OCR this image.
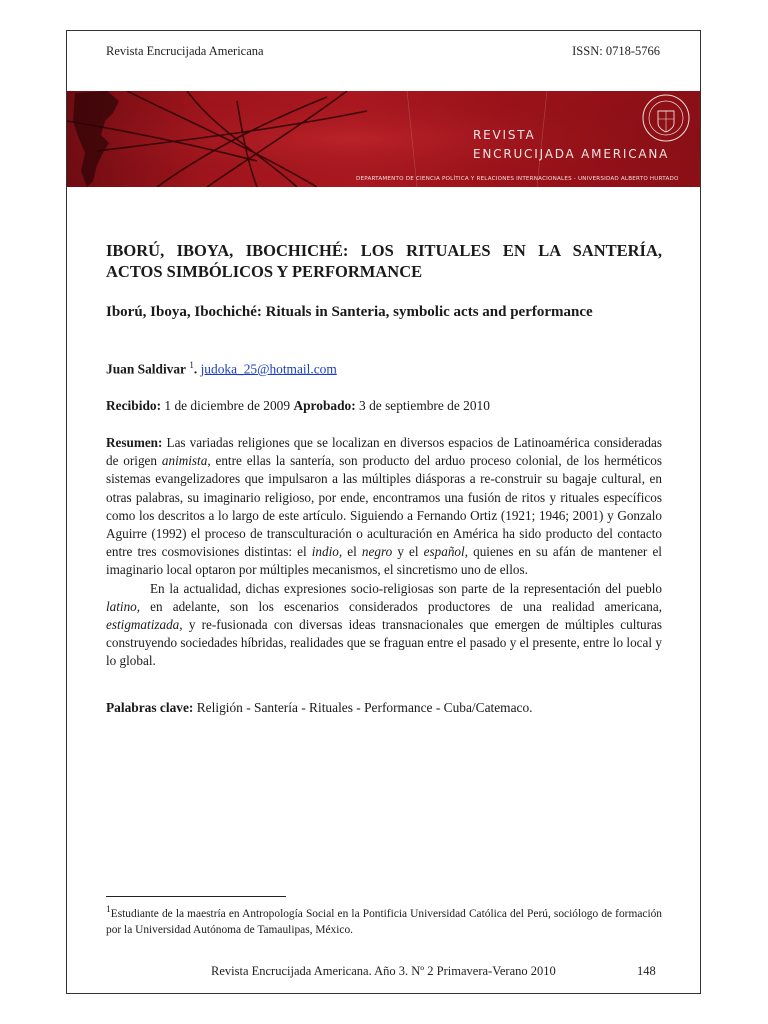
Revista Encrucijada Americana	ISSN: 0718-5766
REVISTA
ENCRUCIJADA AMERICANA
DEPARTAMENTO DE CIENCIA POLÍTICA Y RELACIONES INTERNACIONALES - UNIVERSIDAD ALBERTO HURTADO
IBORÚ, IBOYA, IBOCHICHÉ: LOS RITUALES EN LA SANTERÍA, ACTOS SIMBÓLICOS Y PERFORMANCE
Iború, Iboya, Ibochiché: Rituals in Santeria, symbolic acts and performance
Juan Saldivar $^1$. judoka_25@hotmail.com
Recibido: 1 de diciembre de 2009 Aprobado: 3 de septiembre de 2010

Resumen: Las variadas religiones que se localizan en diversos espacios de Latinoamérica consideradas de origen animista, entre ellas la santería, son producto del arduo proceso colonial, de los herméticos sistemas evangelizadores que impulsaron a las múltiples diásporas a re-construir su bagaje cultural, en otras palabras, su imaginario religioso, por ende, encontramos una fusión de ritos y rituales específicos como los descritos a lo largo de este artículo. Siguiendo a Fernando Ortiz (1921; 1946; 2001) y Gonzalo Aguirre (1992) el proceso de transculturación o aculturación en América ha sido producto del contacto entre tres cosmovisiones distintas: el indio, el negro y el español, quienes en su afán de mantener el imaginario local optaron por múltiples mecanismos, el sincretismo uno de ellos.

En la actualidad, dichas expresiones socio-religiosas son parte de la representación del pueblo latino, en adelante, son los escenarios considerados productores de una realidad americana, estigmatizada, y re-fusionada con diversas ideas transnacionales que emergen de múltiples culturas construyendo sociedades híbridas, realidades que se fraguan entre el pasado y el presente, entre lo local y lo global.

Palabras clave: Religión - Santería - Rituales - Performance - Cuba/Catemaco.
$^1$Estudiante de la maestría en Antropología Social en la Pontificia Universidad Católica del Perú, sociólogo de formación por la Universidad Autónoma de Tamaulipas, México.
Revista Encrucijada Americana. Año 3. Nº 2 Primavera-Verano 2010	148
